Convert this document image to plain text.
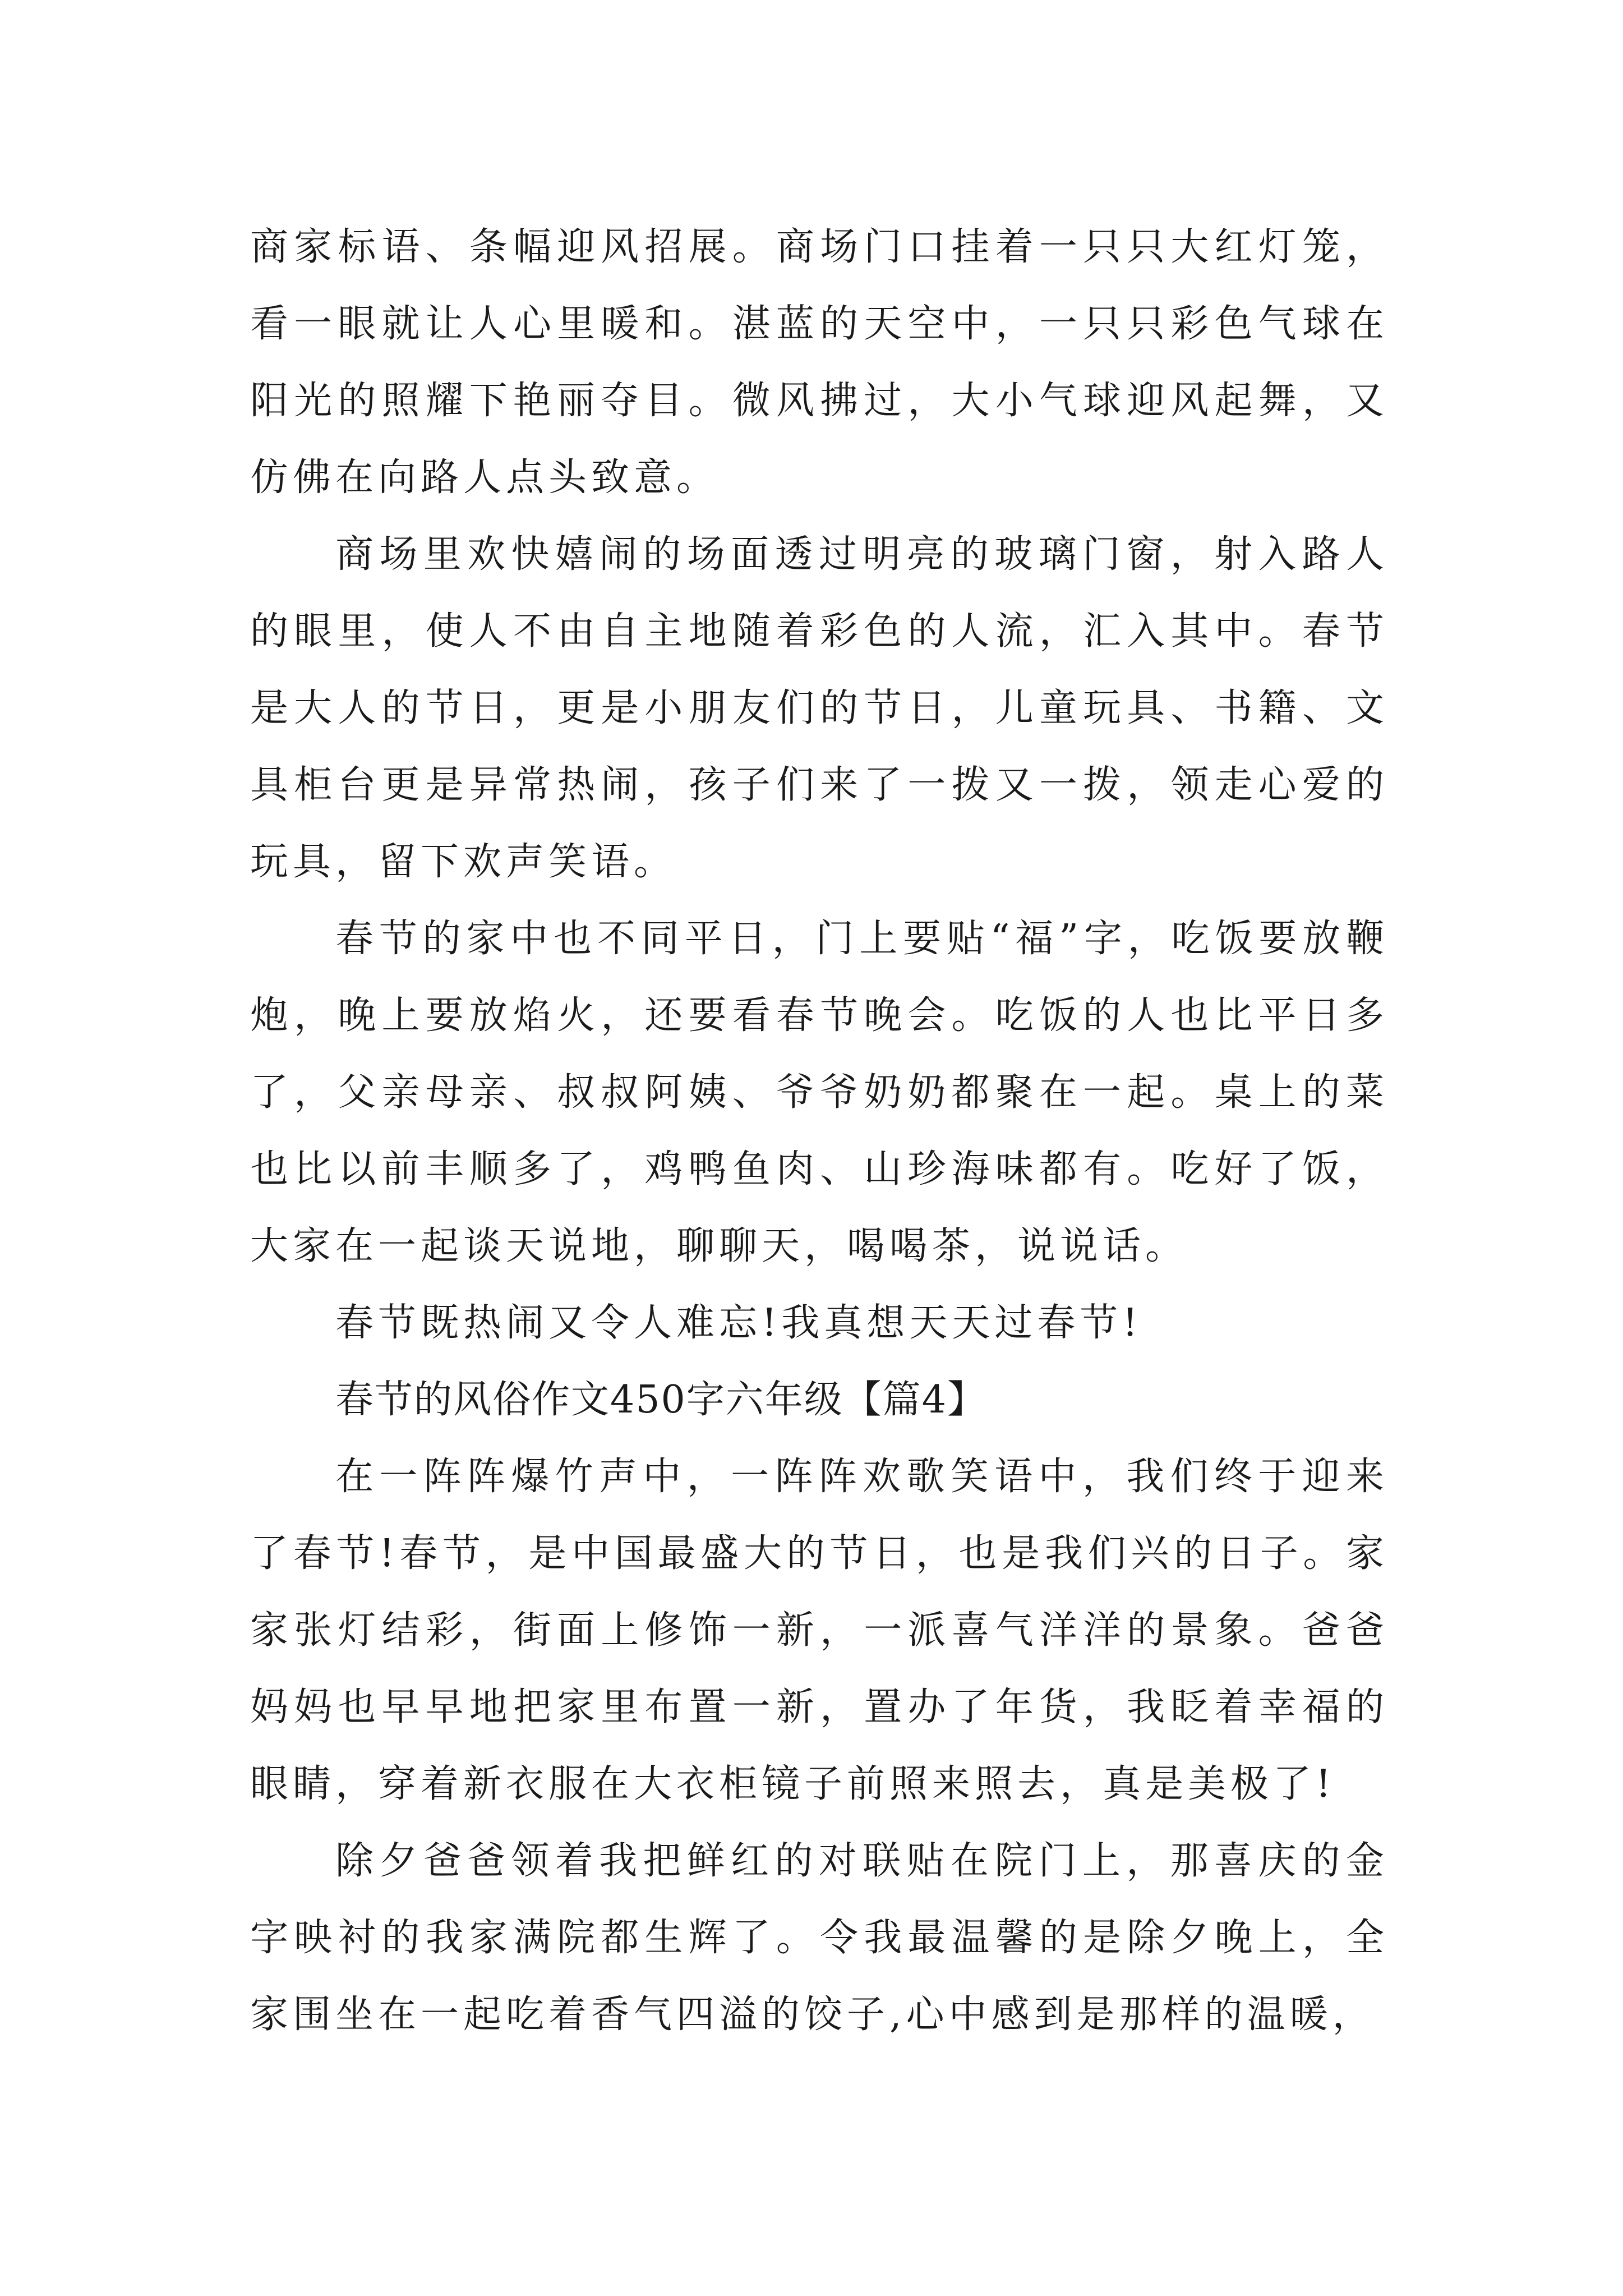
商家标语、条幅迎风招展。商场门口挂着一只只大红灯笼，看一眼就让人心里暖和。湛蓝的天空中，一只只彩色气球在阳光的照耀下艳丽夺目。微风拂过，大小气球迎风起舞，又仿佛在向路人点头致意。

商场里欢快嬉闹的场面透过明亮的玻璃门窗，射入路人的眼里，使人不由自主地随着彩色的人流，汇入其中。春节是大人的节日，更是小朋友们的节日，儿童玩具、书籍、文具柜台更是异常热闹，孩子们来了一拨又一拨，领走心爱的玩具，留下欢声笑语。

春节的家中也不同平日，门上要贴“福”字，吃饭要放鞭炮，晚上要放焰火，还要看春节晚会。吃饭的人也比平日多了，父亲母亲、叔叔阿姨、爷爷奶奶都聚在一起。桌上的菜也比以前丰顺多了，鸡鸭鱼肉、山珍海味都有。吃好了饭，大家在一起谈天说地，聊聊天，喝喝茶，说说话。

春节既热闹又令人难忘!我真想天天过春节!

春节的风俗作文450字六年级【篇4】

在一阵阵爆竹声中，一阵阵欢歌笑语中，我们终于迎来了春节!春节，是中国最盛大的节日，也是我们兴的日子。家家张灯结彩，街面上修饰一新，一派喜气洋洋的景象。爸爸妈妈也早早地把家里布置一新，置办了年货，我眨着幸福的眼睛，穿着新衣服在大衣柜镜子前照来照去，真是美极了!

除夕爸爸领着我把鲜红的对联贴在院门上，那喜庆的金字映衬的我家满院都生辉了。令我最温馨的是除夕晚上，全家围坐在一起吃着香气四溢的饺子,心中感到是那样的温暖，
